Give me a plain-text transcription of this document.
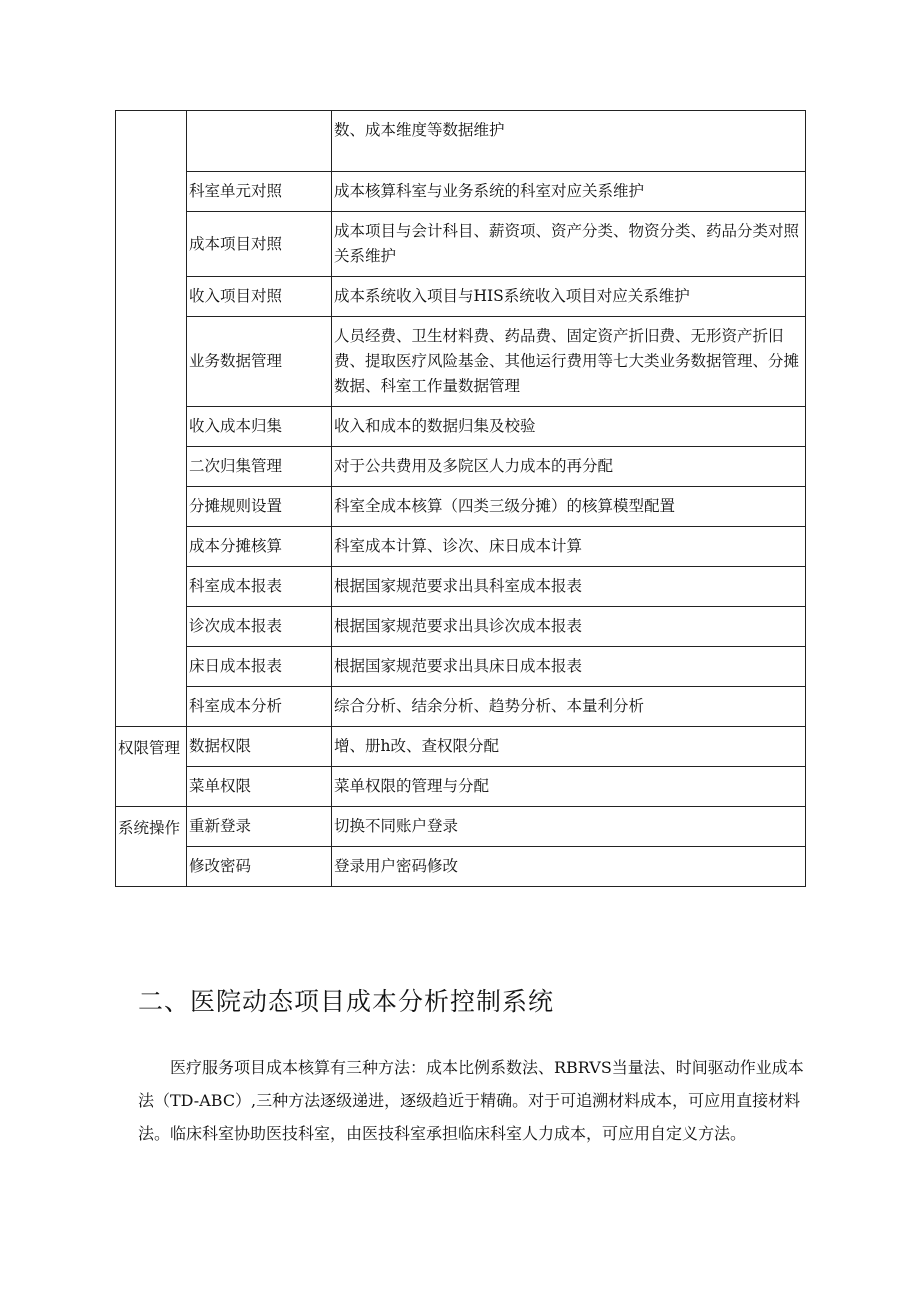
		数、成本维度等数据维护
	科室单元对照	成本核算科室与业务系统的科室对应关系维护
	成本项目对照	成本项目与会计科目、薪资项、资产分类、物资分类、药品分类对照关系维护
	收入项目对照	成本系统收入项目与HIS系统收入项目对应关系维护
	业务数据管理	人员经费、卫生材料费、药品费、固定资产折旧费、无形资产折旧费、提取医疗风险基金、其他运行费用等七大类业务数据管理、分摊数据、科室工作量数据管理
	收入成本归集	收入和成本的数据归集及校验
	二次归集管理	对于公共费用及多院区人力成本的再分配
	分摊规则设置	科室全成本核算（四类三级分摊）的核算模型配置
	成本分摊核算	科室成本计算、诊次、床日成本计算
	科室成本报表	根据国家规范要求出具科室成本报表
	诊次成本报表	根据国家规范要求出具诊次成本报表
	床日成本报表	根据国家规范要求出具床日成本报表
	科室成本分析	综合分析、结余分析、趋势分析、本量利分析

权限管理	数据权限	增、册h改、查权限分配
	菜单权限	菜单权限的管理与分配

系统操作	重新登录	切换不同账户登录
	修改密码	登录用户密码修改
二、医院动态项目成本分析控制系统

医疗服务项目成本核算有三种方法：成本比例系数法、RBRVS当量法、时间驱动作业成本法（TD-ABC）,三种方法逐级递进，逐级趋近于精确。对于可追溯材料成本，可应用直接材料法。临床科室协助医技科室，由医技科室承担临床科室人力成本，可应用自定义方法。
